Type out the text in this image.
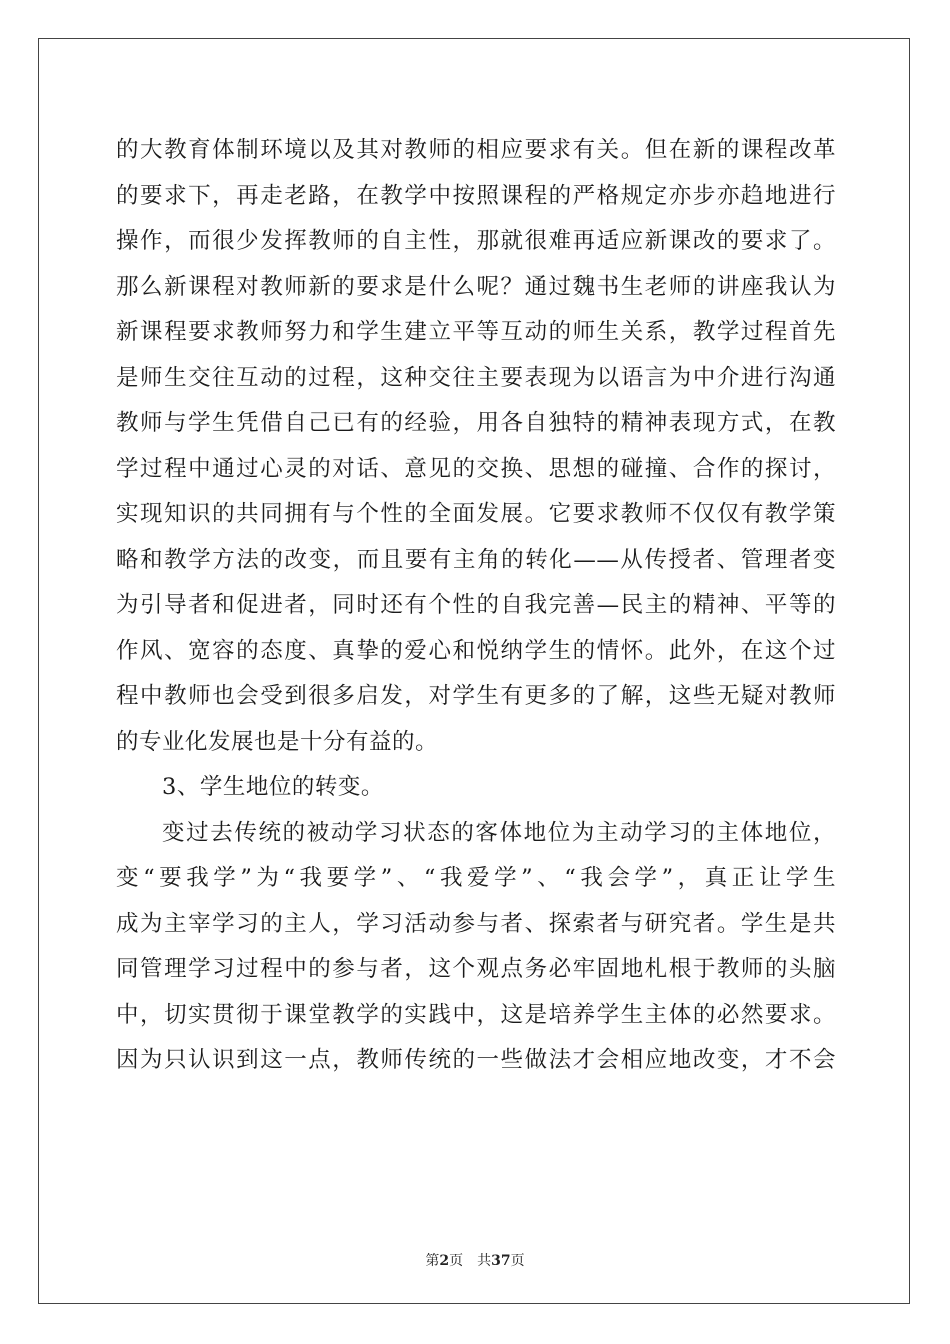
的大教育体制环境以及其对教师的相应要求有关。但在新的课程改革
的要求下，再走老路，在教学中按照课程的严格规定亦步亦趋地进行
操作，而很少发挥教师的自主性，那就很难再适应新课改的要求了。
那么新课程对教师新的要求是什么呢？通过魏书生老师的讲座我认为
新课程要求教师努力和学生建立平等互动的师生关系，教学过程首先
是师生交往互动的过程，这种交往主要表现为以语言为中介进行沟通
教师与学生凭借自己已有的经验，用各自独特的精神表现方式，在教
学过程中通过心灵的对话、意见的交换、思想的碰撞、合作的探讨，
实现知识的共同拥有与个性的全面发展。它要求教师不仅仅有教学策
略和教学方法的改变，而且要有主角的转化——从传授者、管理者变
为引导者和促进者，同时还有个性的自我完善—民主的精神、平等的
作风、宽容的态度、真挚的爱心和悦纳学生的情怀。此外，在这个过
程中教师也会受到很多启发，对学生有更多的了解，这些无疑对教师
的专业化发展也是十分有益的。
3、学生地位的转变。
变过去传统的被动学习状态的客体地位为主动学习的主体地位，
变“要我学”为“我要学”、“我爱学”、“我会学”，真正让学生
成为主宰学习的主人，学习活动参与者、探索者与研究者。学生是共
同管理学习过程中的参与者，这个观点务必牢固地札根于教师的头脑
中，切实贯彻于课堂教学的实践中，这是培养学生主体的必然要求。
因为只认识到这一点，教师传统的一些做法才会相应地改变，才不会
第2页 共37页
